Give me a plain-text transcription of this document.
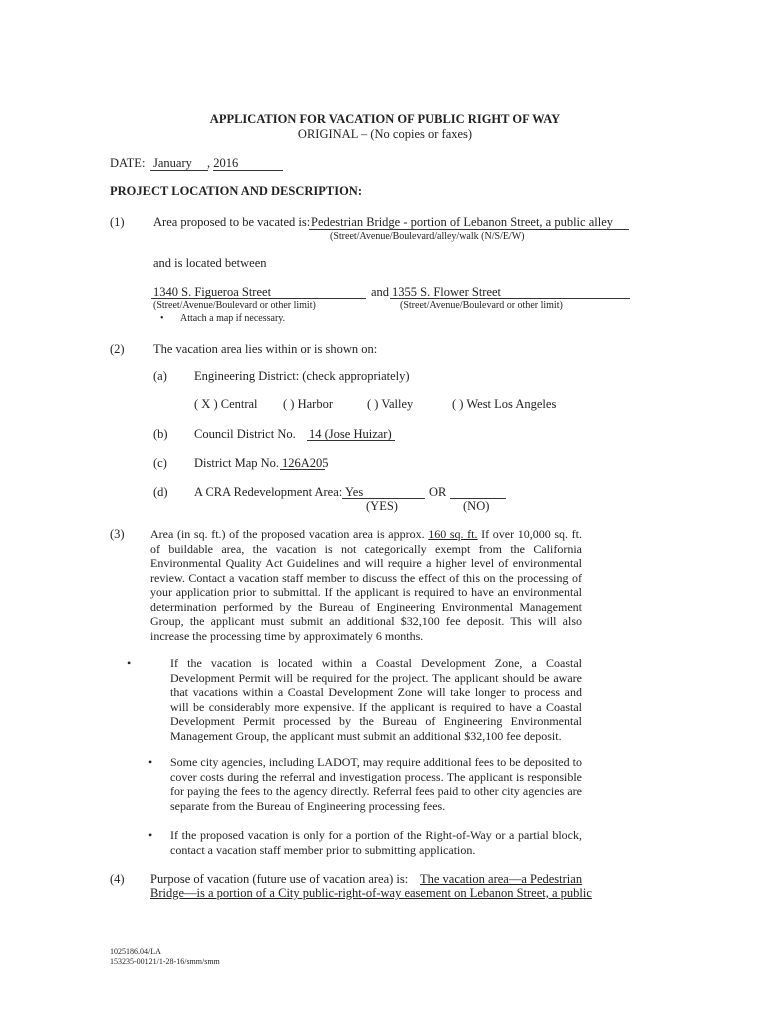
APPLICATION FOR VACATION OF PUBLIC RIGHT OF WAY
ORIGINAL – (No copies or faxes)
DATE: January , 2016
PROJECT LOCATION AND DESCRIPTION:
(1) Area proposed to be vacated is: Pedestrian Bridge - portion of Lebanon Street, a public alley
(Street/Avenue/Boulevard/alley/walk (N/S/E/W)
and is located between
1340 S. Figueroa Street	and 1355 S. Flower Street
(Street/Avenue/Boulevard or other limit)	(Street/Avenue/Boulevard or other limit)
• Attach a map if necessary.
(2) The vacation area lies within or is shown on:
(a) Engineering District: (check appropriately)
( X ) Central ( ) Harbor	( ) Valley	( ) West Los Angeles
(b) Council District No. 14 (Jose Huizar)
(c) District Map No. 126A205
(d) A CRA Redevelopment Area: Yes	OR
(YES)	(NO)
(3) Area (in sq. ft.) of the proposed vacation area is approx. 160 sq. ft. If over 10,000 sq. ft. of buildable area, the vacation is not categorically exempt from the California Environmental Quality Act Guidelines and will require a higher level of environmental review. Contact a vacation staff member to discuss the effect of this on the processing of your application prior to submittal. If the applicant is required to have an environmental determination performed by the Bureau of Engineering Environmental Management Group, the applicant must submit an additional $32,100 fee deposit. This will also increase the processing time by approximately 6 months.
•	If the vacation is located within a Coastal Development Zone, a Coastal Development Permit will be required for the project. The applicant should be aware that vacations within a Coastal Development Zone will take longer to process and will be considerably more expensive. If the applicant is required to have a Coastal Development Permit processed by the Bureau of Engineering Environmental Management Group, the applicant must submit an additional $32,100 fee deposit.
• Some city agencies, including LADOT, may require additional fees to be deposited to cover costs during the referral and investigation process. The applicant is responsible for paying the fees to the agency directly. Referral fees paid to other city agencies are separate from the Bureau of Engineering processing fees.
• If the proposed vacation is only for a portion of the Right-of-Way or a partial block, contact a vacation staff member prior to submitting application.
(4) Purpose of vacation (future use of vacation area) is: The vacation area—a Pedestrian
Bridge—is a portion of a City public-right-of-way easement on Lebanon Street, a public
1025186.04/LA
153235-00121/1-28-16/smm/smm
